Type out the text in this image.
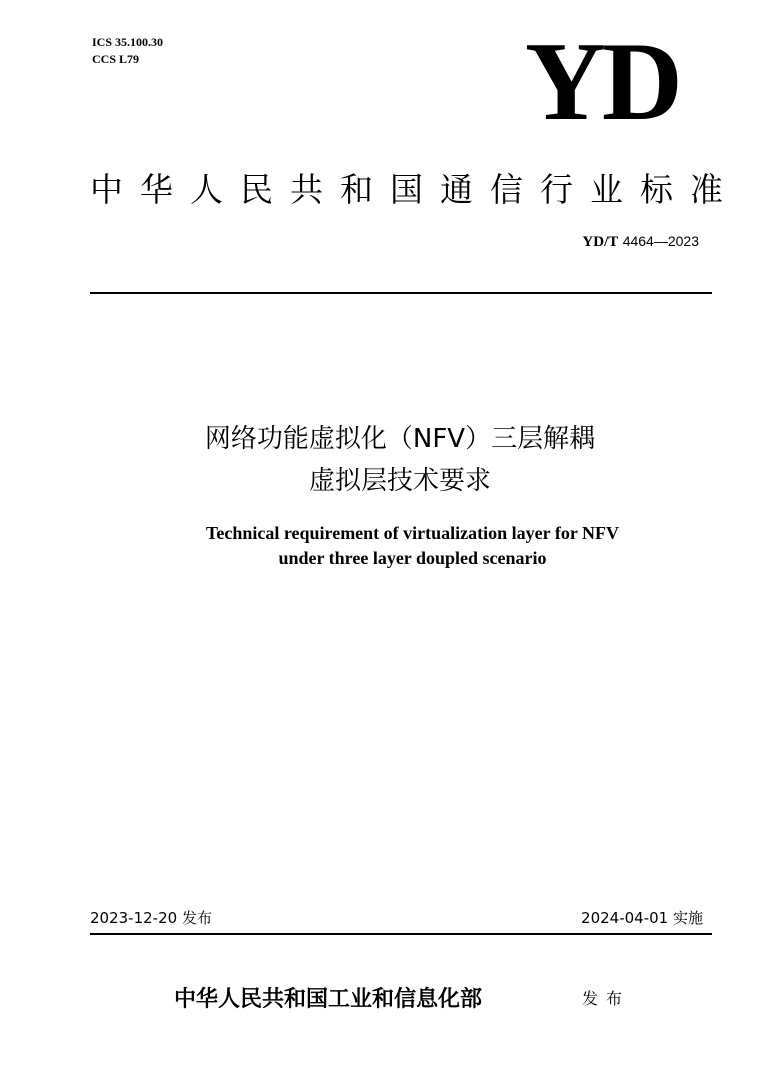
ICS 35.100.30
CCS L79	YD
中华人民共和国通信行业标准
YD/T 4464—2023
网络功能虚拟化（NFV）三层解耦
虚拟层技术要求
Technical requirement of virtualization layer for NFV
under three layer doupled scenario
2023-12-20 发布	2024-04-01 实施
中华人民共和国工业和信息化部	发布
